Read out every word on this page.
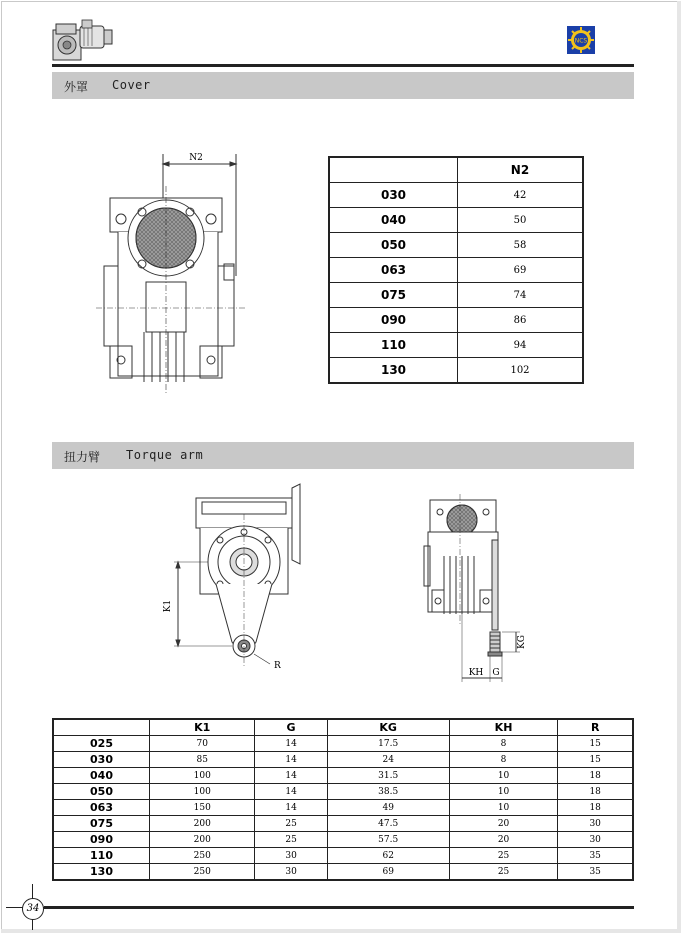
NCS
外罩 Cover
N2
	N2
030	42
040	50
050	58
063	69
075	74
090	86
110	94
130	102
扭力臂 Torque arm
K1
R
KG
KH G
	K1	G	KG	KH	R
025	70	14	17.5	8	15
030	85	14	24	8	15
040	100	14	31.5	10	18
050	100	14	38.5	10	18
063	150	14	49	10	18
075	200	25	47.5	20	30
090	200	25	57.5	20	30
110	250	30	62	25	35
130	250	30	69	25	35
34
